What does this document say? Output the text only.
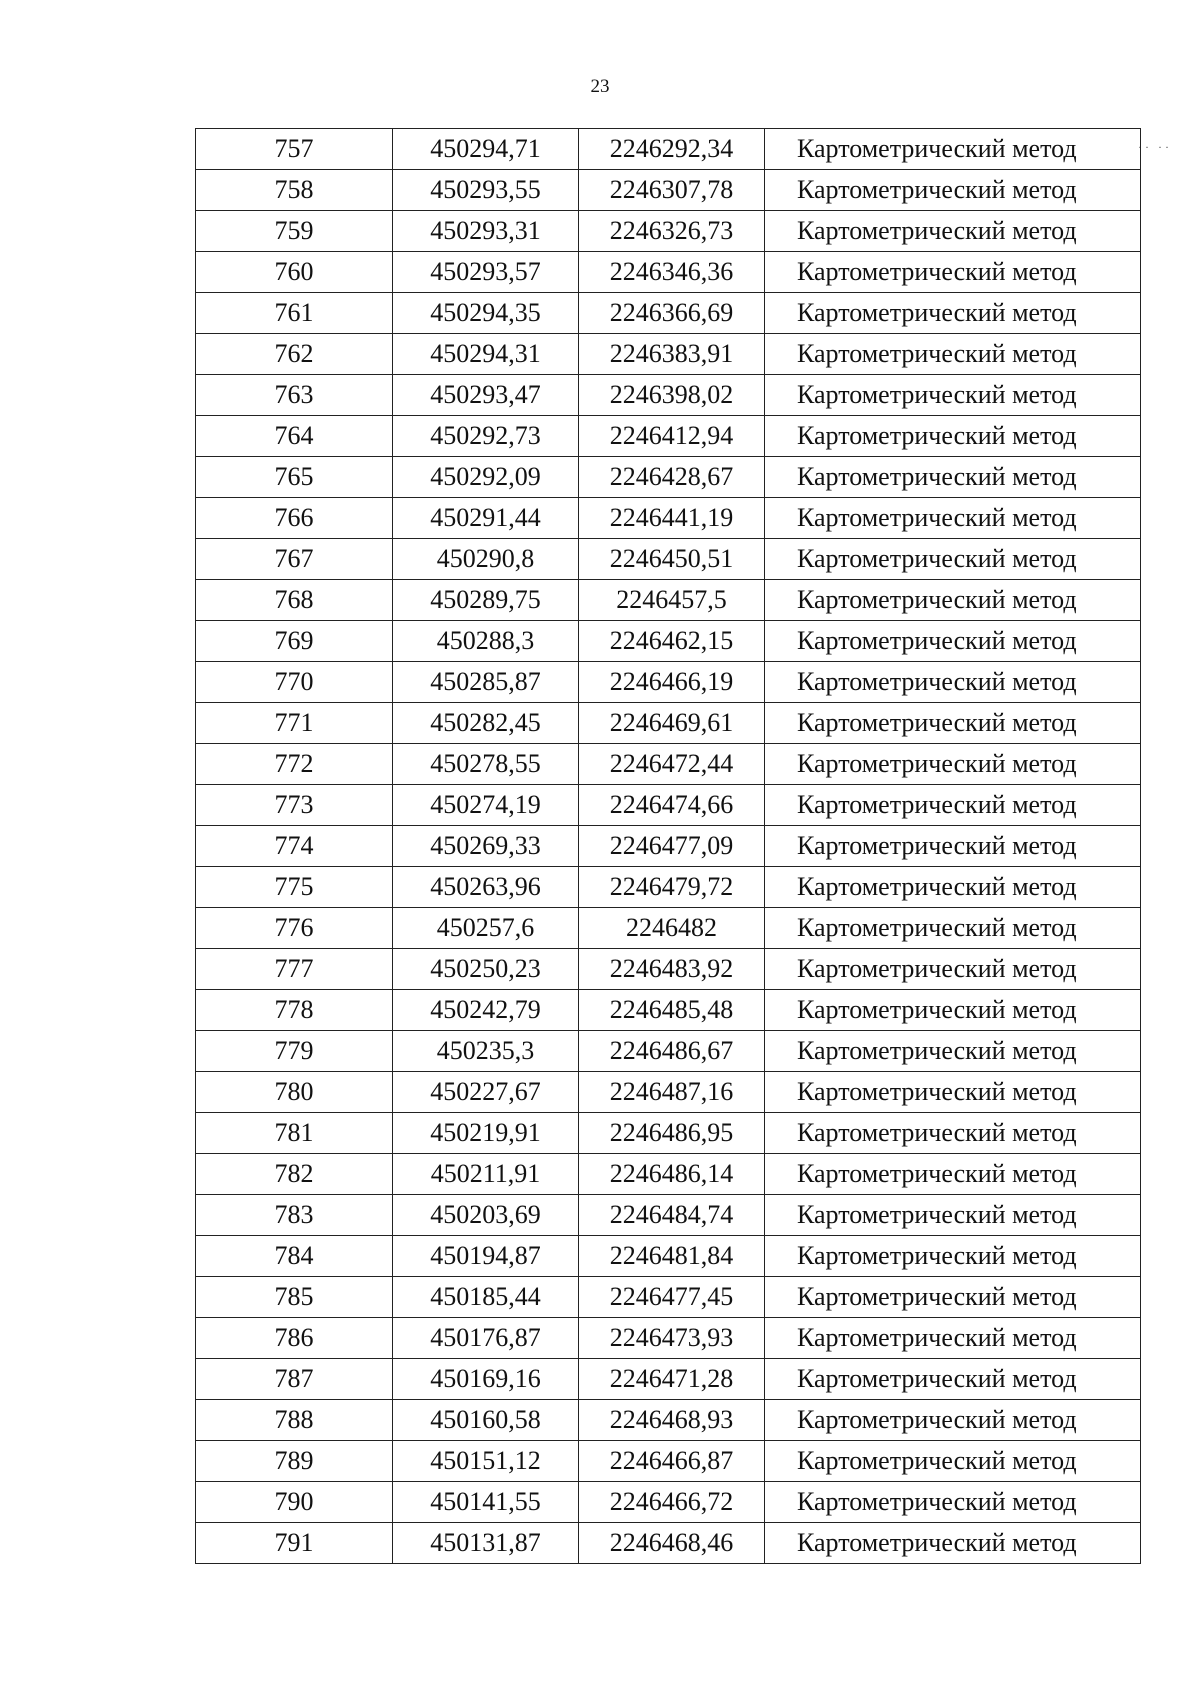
23
·· ··
757	450294,71	2246292,34	Картометрический метод
758	450293,55	2246307,78	Картометрический метод
759	450293,31	2246326,73	Картометрический метод
760	450293,57	2246346,36	Картометрический метод
761	450294,35	2246366,69	Картометрический метод
762	450294,31	2246383,91	Картометрический метод
763	450293,47	2246398,02	Картометрический метод
764	450292,73	2246412,94	Картометрический метод
765	450292,09	2246428,67	Картометрический метод
766	450291,44	2246441,19	Картометрический метод
767	450290,8	2246450,51	Картометрический метод
768	450289,75	2246457,5	Картометрический метод
769	450288,3	2246462,15	Картометрический метод
770	450285,87	2246466,19	Картометрический метод
771	450282,45	2246469,61	Картометрический метод
772	450278,55	2246472,44	Картометрический метод
773	450274,19	2246474,66	Картометрический метод
774	450269,33	2246477,09	Картометрический метод
775	450263,96	2246479,72	Картометрический метод
776	450257,6	2246482	Картометрический метод
777	450250,23	2246483,92	Картометрический метод
778	450242,79	2246485,48	Картометрический метод
779	450235,3	2246486,67	Картометрический метод
780	450227,67	2246487,16	Картометрический метод
781	450219,91	2246486,95	Картометрический метод
782	450211,91	2246486,14	Картометрический метод
783	450203,69	2246484,74	Картометрический метод
784	450194,87	2246481,84	Картометрический метод
785	450185,44	2246477,45	Картометрический метод
786	450176,87	2246473,93	Картометрический метод
787	450169,16	2246471,28	Картометрический метод
788	450160,58	2246468,93	Картометрический метод
789	450151,12	2246466,87	Картометрический метод
790	450141,55	2246466,72	Картометрический метод
791	450131,87	2246468,46	Картометрический метод
